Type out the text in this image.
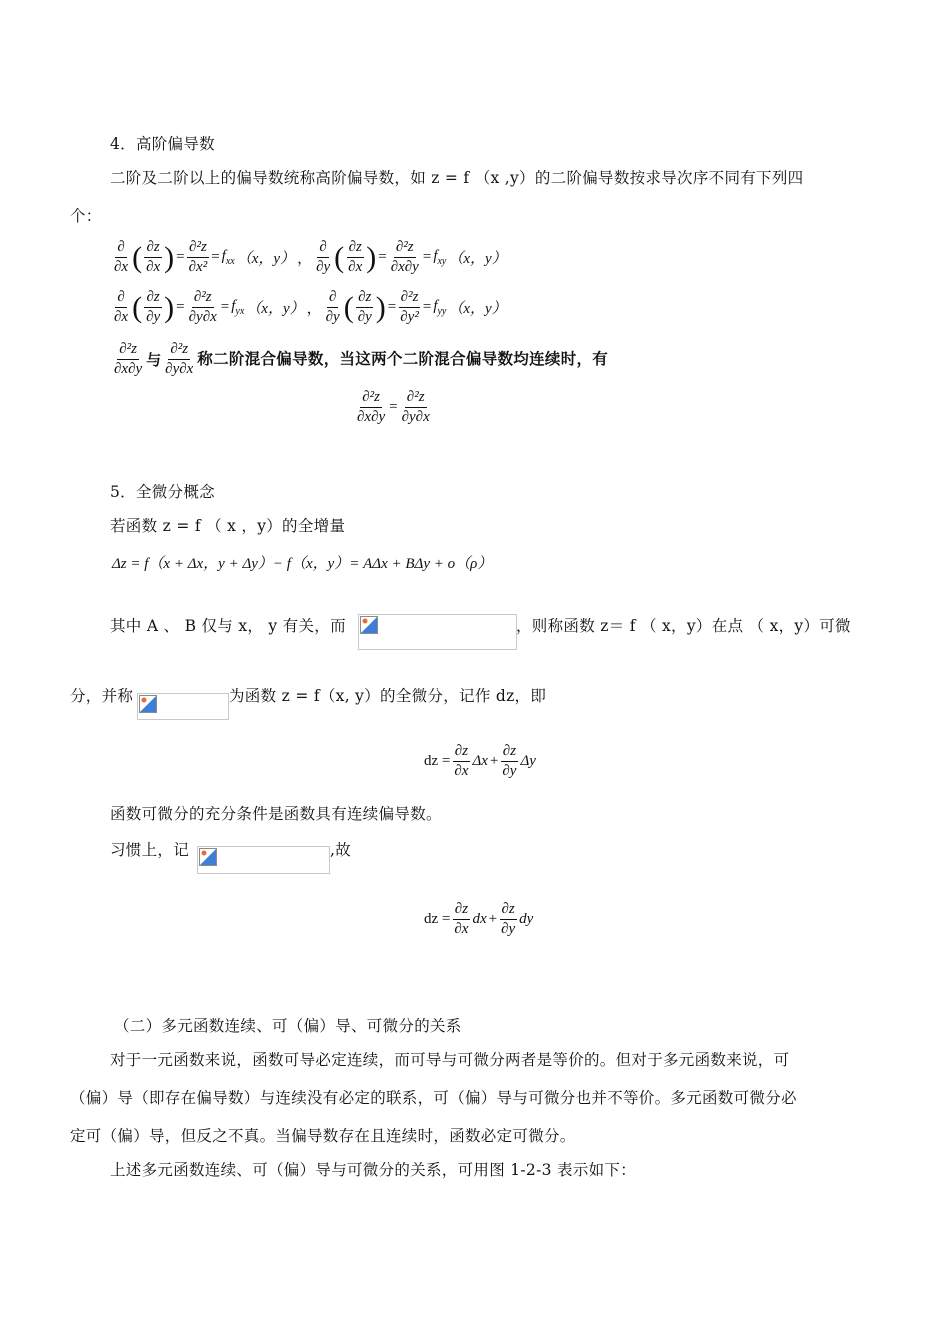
4．高阶偏导数
二阶及二阶以上的偏导数统称高阶偏导数，如 z = f （x ,y）的二阶偏导数按求导次序不同有下列四
个：
$\frac{\partial}{\partial x}$ ( $\frac{\partial z}{\partial x}$ ) = $\frac{\text{∂²z}}{\text{∂x²}} = f_{xx}$ （x，y） ， $\frac{\partial}{\partial y}$ ( $\frac{\partial z}{\partial x}$ ) = $\frac{\text{∂²z}}{\partial x\partial y} = f_{xy}$ （x，y）
$\frac{\partial}{\partial x}$ ( $\frac{\partial z}{\partial y}$ ) = $\frac{\text{∂²z}}{\partial y\partial x} = f_{yx}$ （x，y） ， $\frac{\partial}{\partial y}$ ( $\frac{\partial z}{\partial y}$ ) = $\frac{\text{∂²z}}{\text{∂y²}} = f_{yy}$ （x，y）
$\frac{\text{∂²z}}{\partial x\partial y}$ 与 $\frac{\text{∂²z}}{\partial y\partial x}$ 称二阶混合偏导数，当这两个二阶混合偏导数均连续时，有
$\frac{\text{∂²z}}{\partial x\partial y} = \frac{\text{∂²z}}{\partial y\partial x}$
5．全微分概念
若函数 z = f （ x ，y）的全增量
Δz = f（x + Δx，y + Δy）− f（x，y）= AΔx + BΔy + o（ρ）
其中 A 、 B 仅与 x， y 有关，而	，则称函数 z＝ f （ x，y）在点 （ x，y）可微
分，并称	为函数 z = f（x, y）的全微分，记作 dz，即
dz = $\frac{\partial z}{\partial x}$ $\Delta x + \frac{\partial z}{\partial y}$ Δy
函数可微分的充分条件是函数具有连续偏导数。
习惯上，记	,故
dz = $\frac{\partial z}{\partial x}$ dx + $\frac{\partial z}{\partial y}$ dy
（二）多元函数连续、可（偏）导、可微分的关系
对于一元函数来说，函数可导必定连续，而可导与可微分两者是等价的。但对于多元函数来说，可
（偏）导（即存在偏导数）与连续没有必定的联系，可（偏）导与可微分也并不等价。多元函数可微分必
定可（偏）导，但反之不真。当偏导数存在且连续时，函数必定可微分。
上述多元函数连续、可（偏）导与可微分的关系，可用图 1-2-3 表示如下：
